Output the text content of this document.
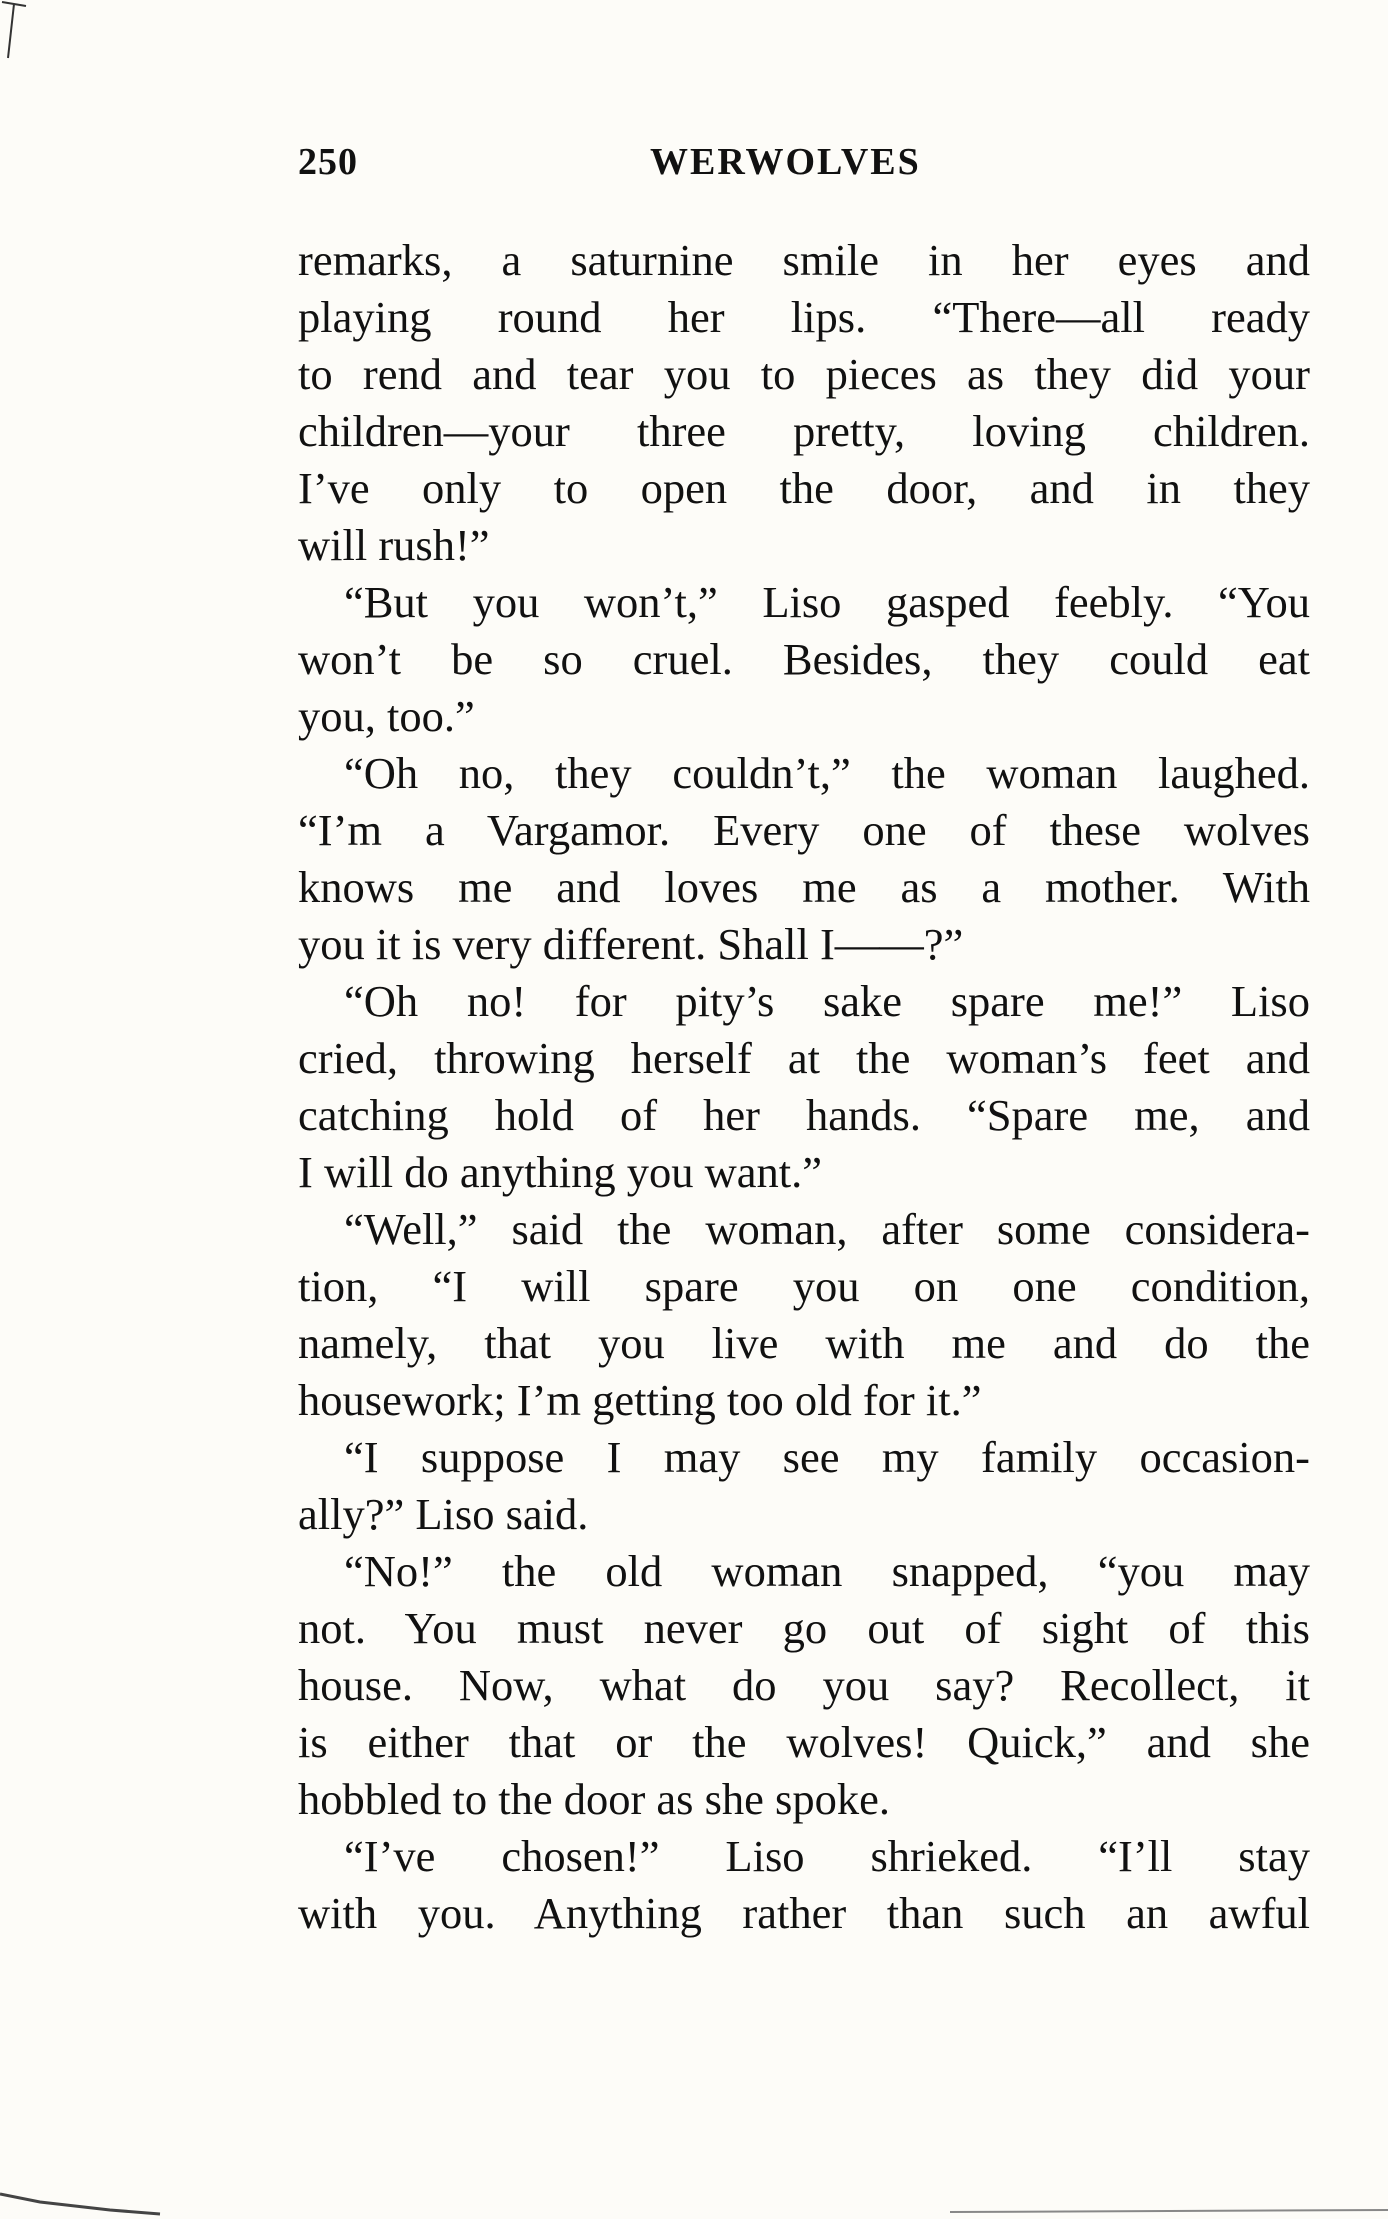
250	WERWOLVES
remarks, a saturnine smile in her eyes and
playing round her lips. “There—all ready
to rend and tear you to pieces as they did your
children—your three pretty, loving children.
I’ve only to open the door, and in they
will rush!”
“But you won’t,” Liso gasped feebly. “You
won’t be so cruel. Besides, they could eat
you, too.”
“Oh no, they couldn’t,” the woman laughed.
“I’m a Vargamor. Every one of these wolves
knows me and loves me as a mother. With
you it is very different. Shall I——?”
“Oh no! for pity’s sake spare me!” Liso
cried, throwing herself at the woman’s feet and
catching hold of her hands. “Spare me, and
I will do anything you want.”
“Well,” said the woman, after some considera-
tion, “I will spare you on one condition,
namely, that you live with me and do the
housework; I’m getting too old for it.”
“I suppose I may see my family occasion-
ally?” Liso said.
“No!” the old woman snapped, “you may
not. You must never go out of sight of this
house. Now, what do you say? Recollect, it
is either that or the wolves! Quick,” and she
hobbled to the door as she spoke.
“I’ve chosen!” Liso shrieked. “I’ll stay
with you. Anything rather than such an awful
